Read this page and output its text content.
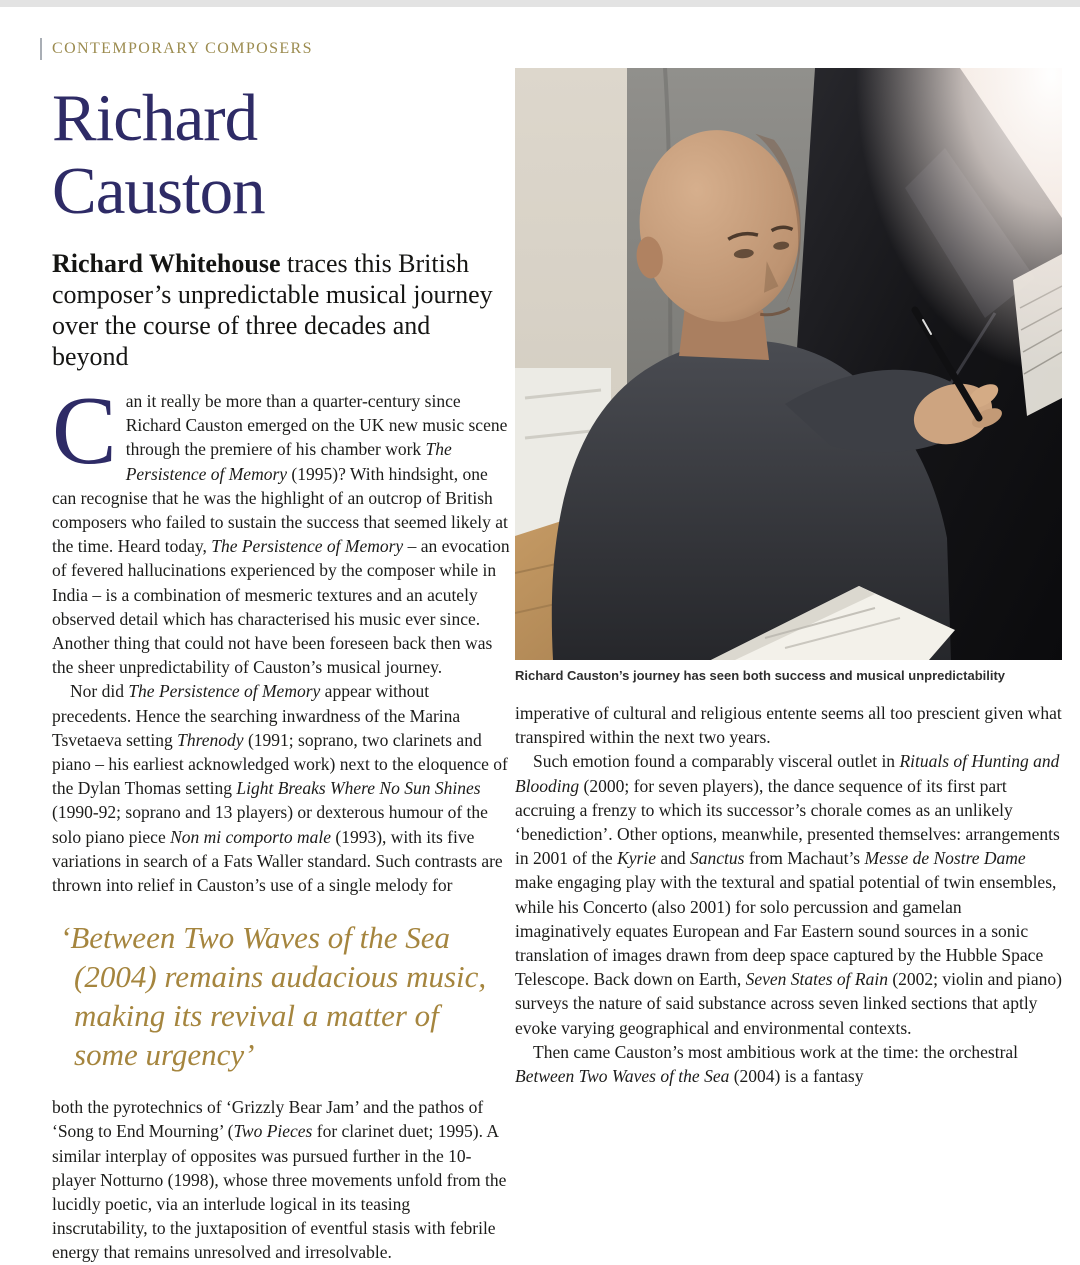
CONTEMPORARY COMPOSERS
Richard
Causton
Richard Whitehouse traces this British composer’s unpredictable musical journey over the course of three decades and beyond

Can it really be more than a quarter-century since Richard Causton emerged on the UK new music scene through the premiere of his chamber work The Persistence of Memory (1995)? With hindsight, one can recognise that he was the highlight of an outcrop of British composers who failed to sustain the success that seemed likely at the time. Heard today, The Persistence of Memory – an evocation of fevered hallucinations experienced by the composer while in India – is a combination of mesmeric textures and an acutely observed detail which has characterised his music ever since. Another thing that could not have been foreseen back then was the sheer unpredictability of Causton’s musical journey.

Nor did The Persistence of Memory appear without precedents. Hence the searching inwardness of the Marina Tsvetaeva setting Threnody (1991; soprano, two clarinets and piano – his earliest acknowledged work) next to the eloquence of the Dylan Thomas setting Light Breaks Where No Sun Shines (1990-92; soprano and 13 players) or dexterous humour of the solo piano piece Non mi comporto male (1993), with its five variations in search of a Fats Waller standard. Such contrasts are thrown into relief in Causton’s use of a single melody for

‘Between Two Waves of the Sea (2004) remains audacious music, making its revival a matter of some urgency’

both the pyrotechnics of ‘Grizzly Bear Jam’ and the pathos of ‘Song to End Mourning’ (Two Pieces for clarinet duet; 1995). A similar interplay of opposites was pursued further in the 10-player Notturno (1998), whose three movements unfold from the lucidly poetic, via an interlude logical in its teasing inscrutability, to the juxtaposition of eventful stasis with febrile energy that remains unresolved and irresolvable.

Richard Causton’s journey has seen both success and musical unpredictability

imperative of cultural and religious entente seems all too prescient given what transpired within the next two years.

Such emotion found a comparably visceral outlet in Rituals of Hunting and Blooding (2000; for seven players), the dance sequence of its first part accruing a frenzy to which its successor’s chorale comes as an unlikely ‘benediction’. Other options, meanwhile, presented themselves: arrangements in 2001 of the Kyrie and Sanctus from Machaut’s Messe de Nostre Dame make engaging play with the textural and spatial potential of twin ensembles, while his Concerto (also 2001) for solo percussion and gamelan imaginatively equates European and Far Eastern sound sources in a sonic translation of images drawn from deep space captured by the Hubble Space Telescope. Back down on Earth, Seven States of Rain (2002; violin and piano) surveys the nature of said substance across seven linked sections that aptly evoke varying geographical and environmental contexts.

Then came Causton’s most ambitious work at the time: the orchestral Between Two Waves of the Sea (2004) is a fantasy
